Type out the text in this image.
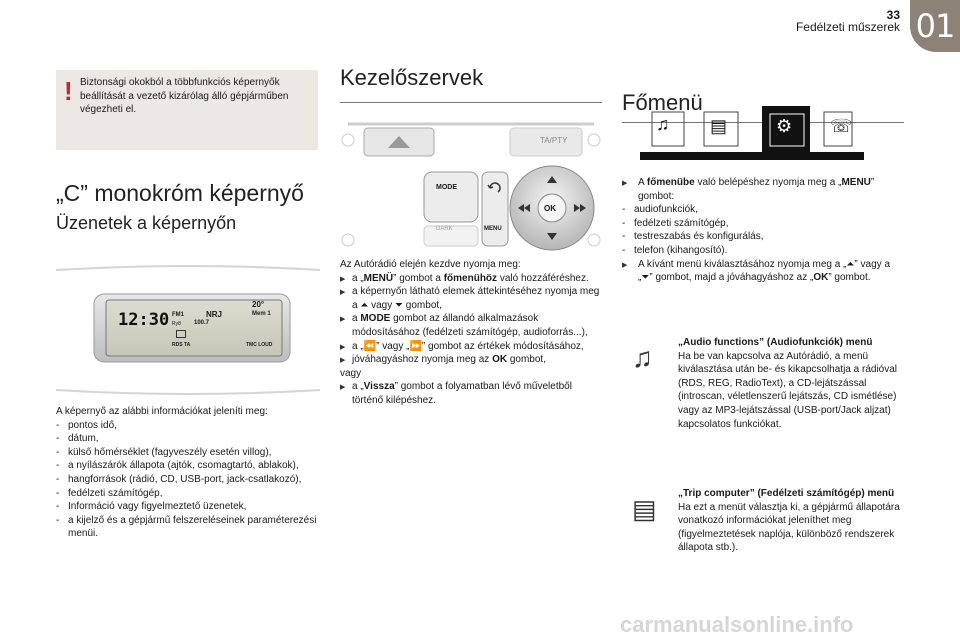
33
Fedélzeti műszerek 01
! Biztonsági okokból a többfunkciós képernyők beállítását a vezető kizárólag álló gépjárműben végezheti el.
„C” monokróm képernyő
Üzenetek a képernyőn
12:30 FM1	NRJ	Mem 1
20°
Ry8 100.7
RDS TA	TMC LOUD
A képernyő az alábbi információkat jeleníti meg:
- pontos idő,
- dátum,
- külső hőmérséklet (fagyveszély esetén villog),
- a nyílászárók állapota (ajtók, csomagtartó, ablakok),
- hangforrások (rádió, CD, USB-port, jack-csatlakozó),
- fedélzeti számítógép,
- Információ vagy figyelmeztető üzenetek,
- a kijelző és a gépjármű felszereléseinek paraméterezési menüi.
Kezelőszervek
TA/PTY
MODE
DARK	MENU
OK
Az Autórádió elején kezdve nyomja meg:
▶ a „MENÜ” gombot a főmenühöz való hozzáféréshez.
▶ a képernyőn látható elemek áttekintéséhez nyomja meg a ⏶ vagy ⏷ gombot,
▶ a MODE gombot az állandó alkalmazások módosításához (fedélzeti számítógép, audioforrás...),
▶ a „⏪” vagy „⏩” gombot az értékek módosításához,
▶ jóváhagyáshoz nyomja meg az OK gombot,
vagy
▶ a „Vissza” gombot a folyamatban lévő műveletből történő kilépéshez.
Főmenü
♫ ▤	⚙ ☏
▶ A főmenübe való belépéshez nyomja meg a „MENU” gombot:
- audiofunkciók,
- fedélzeti számítógép,
- testreszabás és konfigurálás,
- telefon (kihangosító).
▶ A kívánt menü kiválasztásához nyomja meg a „⏶” vagy a „⏷” gombot, majd a jóváhagyáshoz az „OK” gombot.
♫	„Audio functions” (Audiofunkciók) menü
Ha be van kapcsolva az Autórádió, a menü kiválasztása után be- és kikapcsolhatja a rádióval (RDS, REG, RadioText), a CD-lejátszással (introscan, véletlenszerű lejátszás, CD ismétlése) vagy az MP3-lejátszással (USB-port/Jack aljzat) kapcsolatos funkciókat.
▤
„Trip computer” (Fedélzeti számítógép) menü
Ha ezt a menüt választja ki, a gépjármű állapotára vonatkozó információkat jeleníthet meg (figyelmeztetések naplója, különböző rendszerek állapota stb.).
carmanualsonline.info
